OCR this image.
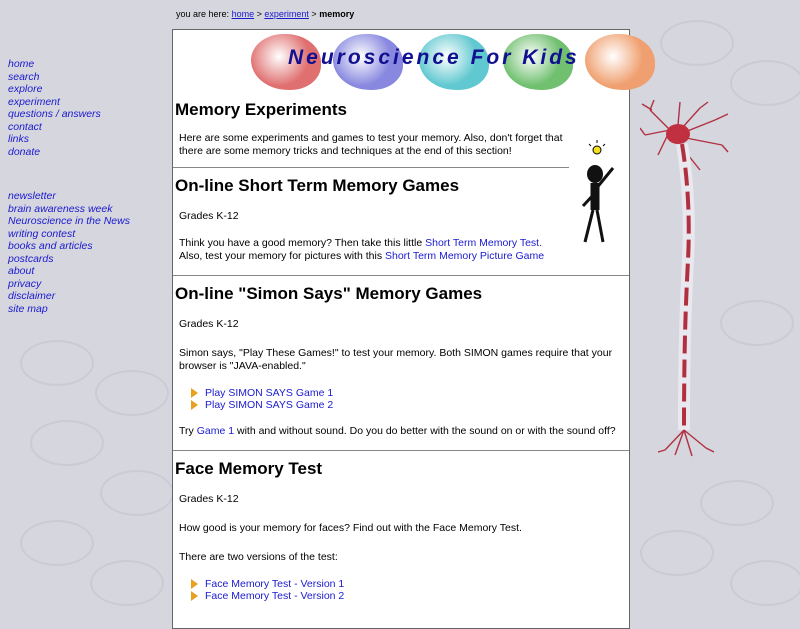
you are here: home > experiment > memory
home
search
explore
experiment
questions / answers
contact
links
donate
newsletter
brain awareness week
Neuroscience in the News
writing contest
books and articles
postcards
about
privacy
disclaimer
site map
Neuroscience For Kids
Memory Experiments

Here are some experiments and games to test your memory. Also, don't forget that there are some memory tricks and techniques at the end of this section!

On-line Short Term Memory Games

Grades K-12

Think you have a good memory? Then take this little Short Term Memory Test.
Also, test your memory for pictures with this Short Term Memory Picture Game

On-line "Simon Says" Memory Games

Grades K-12

Simon says, "Play These Games!" to test your memory. Both SIMON games require that your browser is "JAVA-enabled."

Play SIMON SAYS Game 1
Play SIMON SAYS Game 2

Try Game 1 with and without sound. Do you do better with the sound on or with the sound off?

Face Memory Test

Grades K-12

How good is your memory for faces? Find out with the Face Memory Test.

There are two versions of the test:

Face Memory Test - Version 1
Face Memory Test - Version 2
